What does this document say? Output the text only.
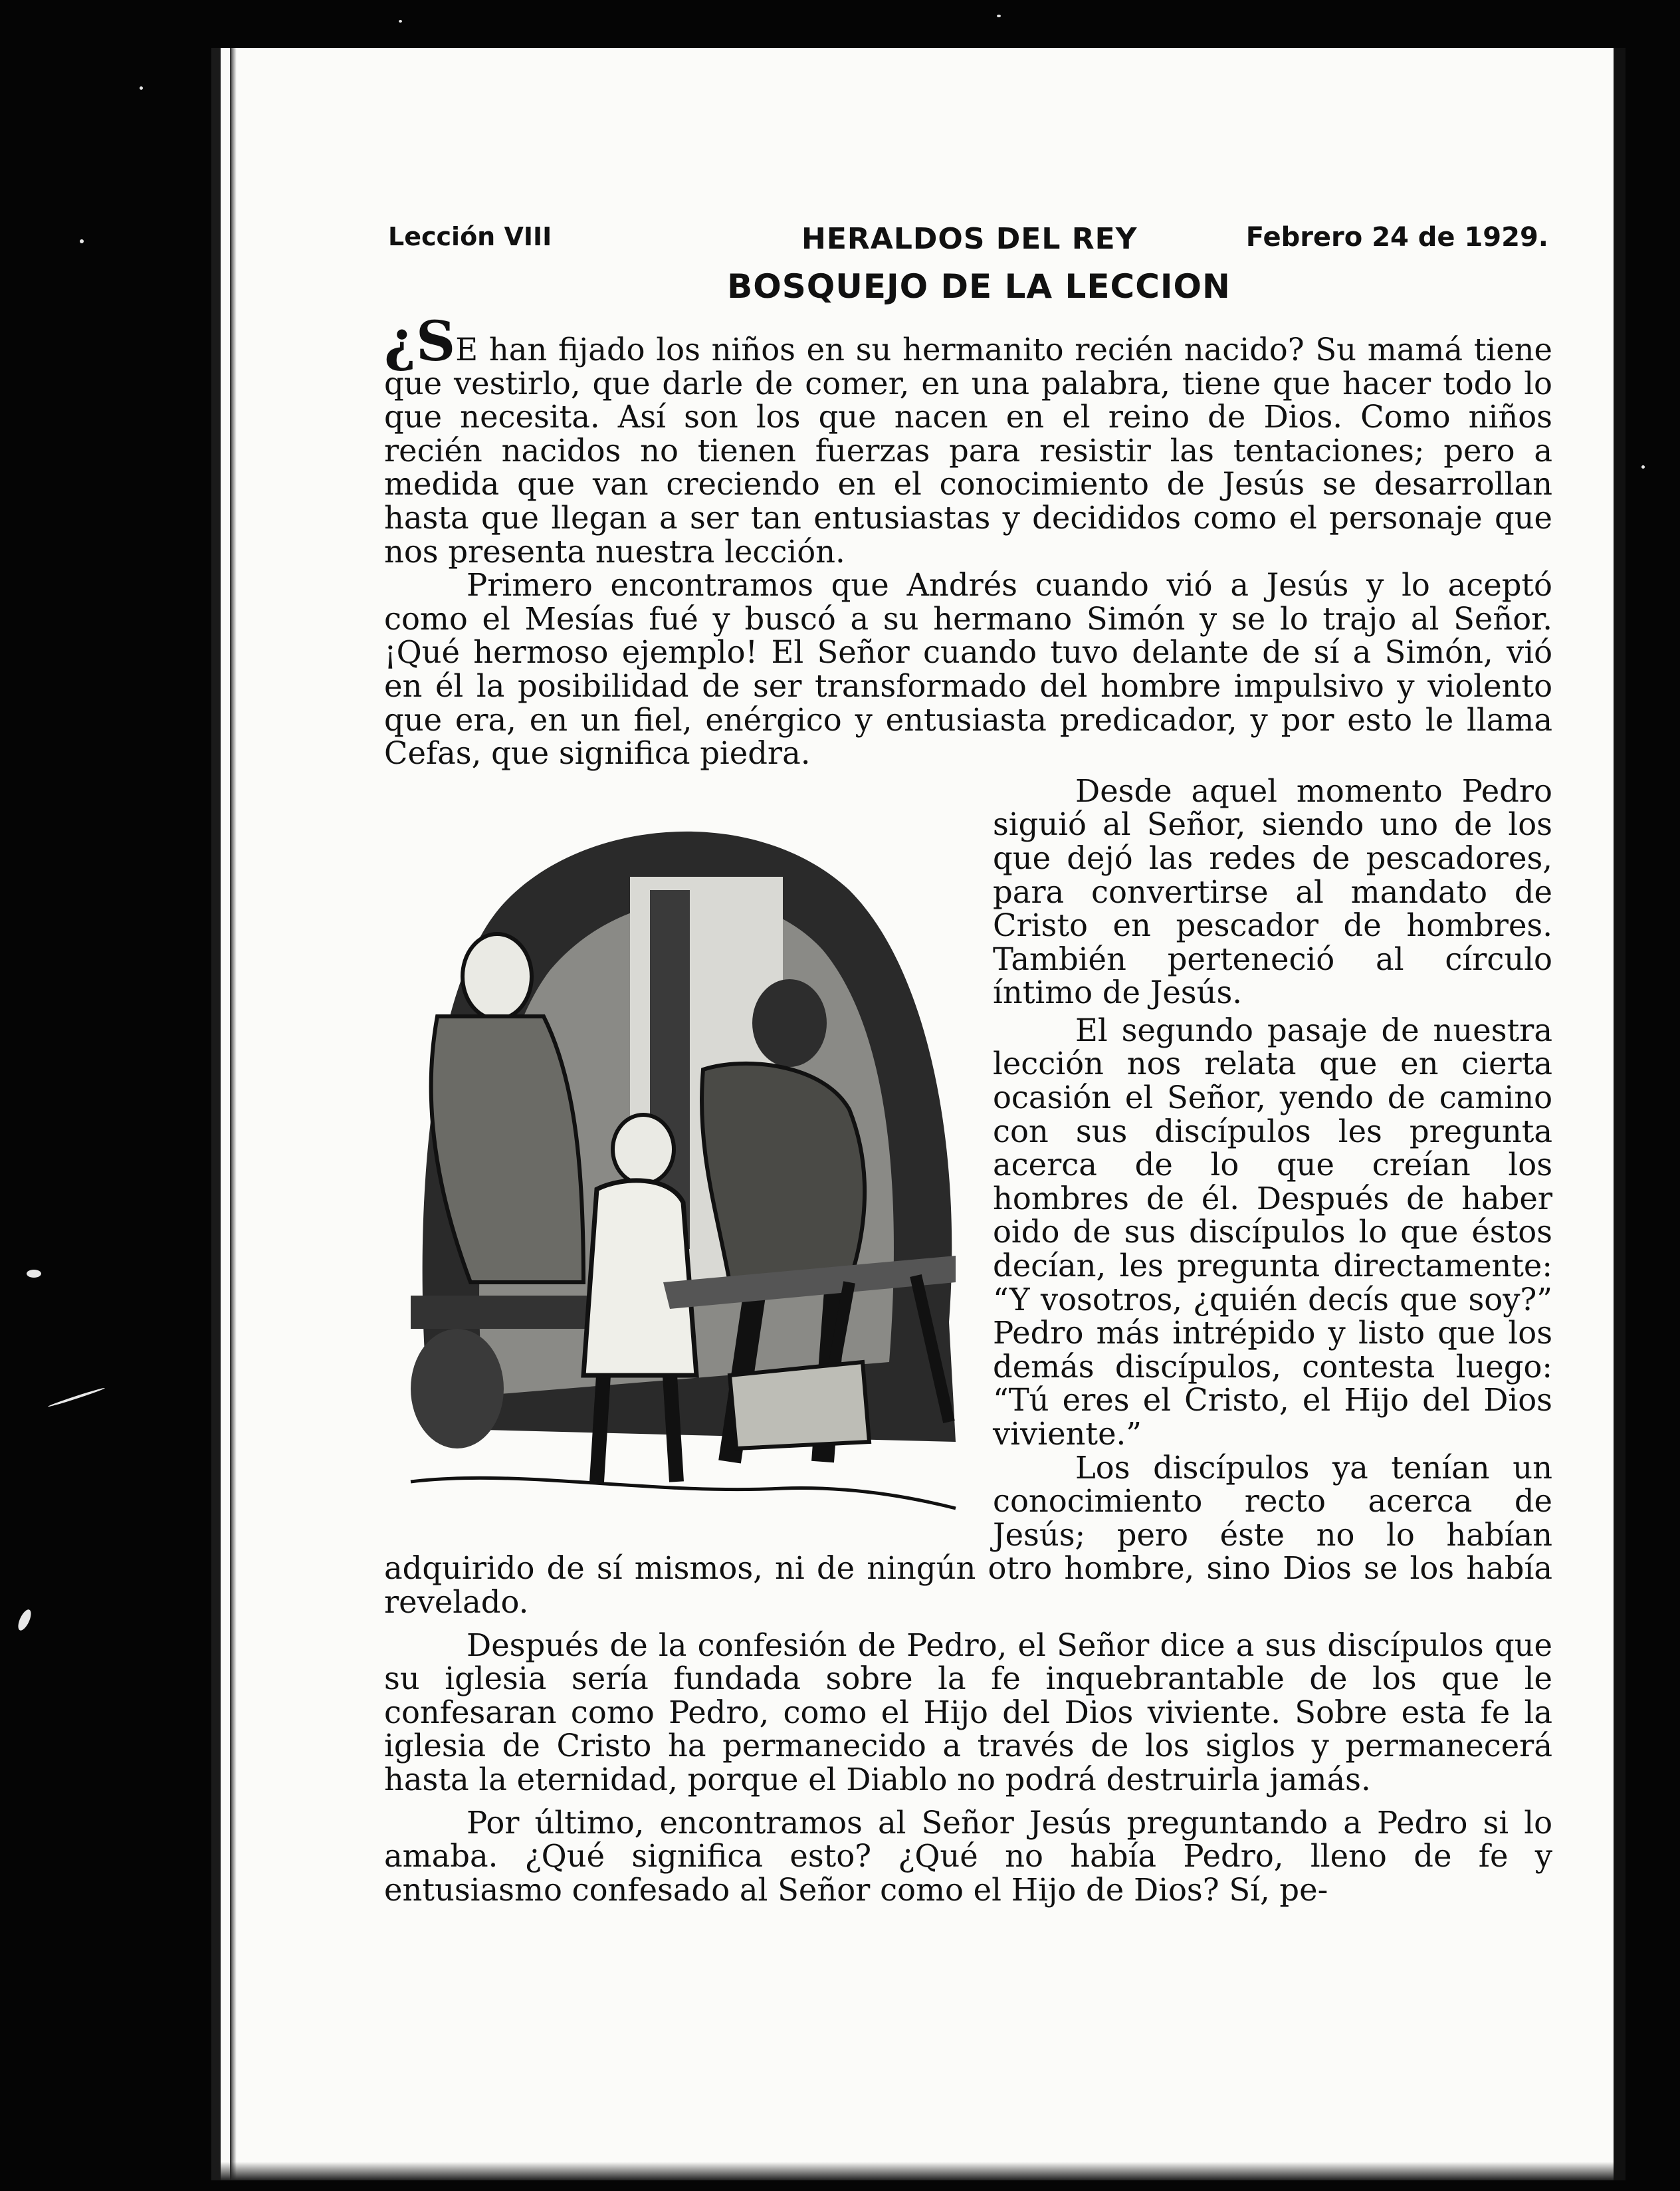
Lección VIII	HERALDOS DEL REY	Febrero 24 de 1929.
BOSQUEJO DE LA LECCION

¿SE han fijado los niños en su hermanito recién nacido? Su mamá tiene que vestirlo, que darle de comer, en una palabra, tiene que hacer todo lo que necesita. Así son los que nacen en el reino de Dios. Como niños recién nacidos no tienen fuerzas para resistir las tentaciones; pero a medida que van creciendo en el conocimiento de Jesús se desarrollan hasta que llegan a ser tan entusiastas y decididos como el personaje que nos presenta nuestra lección.

Primero encontramos que Andrés cuando vió a Jesús y lo aceptó como el Mesías fué y buscó a su hermano Simón y se lo trajo al Señor. ¡Qué hermoso ejemplo! El Señor cuando tuvo delante de sí a Simón, vió en él la posibilidad de ser transformado del hombre impulsivo y violento que era, en un fiel, enérgico y entusiasta predicador, y por esto le llama Cefas, que significa piedra.

Desde aquel momento Pedro siguió al Señor, siendo uno de los que dejó las redes de pescadores, para convertirse al mandato de Cristo en pescador de hombres. También perteneció al círculo íntimo de Jesús.

El segundo pasaje de nuestra lección nos relata que en cierta ocasión el Señor, yendo de camino con sus discípulos les pregunta acerca de lo que creían los hombres de él. Después de haber oido de sus discípulos lo que éstos decían, les pregunta directamente: “Y vosotros, ¿quién decís que soy?” Pedro más intrépido y listo que los demás discípulos, contesta luego: “Tú eres el Cristo, el Hijo del Dios viviente.”

Los discípulos ya tenían un conocimiento recto acerca de Jesús; pero éste no lo habían adquirido de sí mismos, ni de ningún otro hombre, sino Dios se los había revelado.

Después de la confesión de Pedro, el Señor dice a sus discípulos que su iglesia sería fundada sobre la fe inquebrantable de los que le confesaran como Pedro, como el Hijo del Dios viviente. Sobre esta fe la iglesia de Cristo ha permanecido a través de los siglos y permanecerá hasta la eternidad, porque el Diablo no podrá destruirla jamás.

Por último, encontramos al Señor Jesús preguntando a Pedro si lo amaba. ¿Qué significa esto? ¿Qué no había Pedro, lleno de fe y entusiasmo confesado al Señor como el Hijo de Dios? Sí, pe-
